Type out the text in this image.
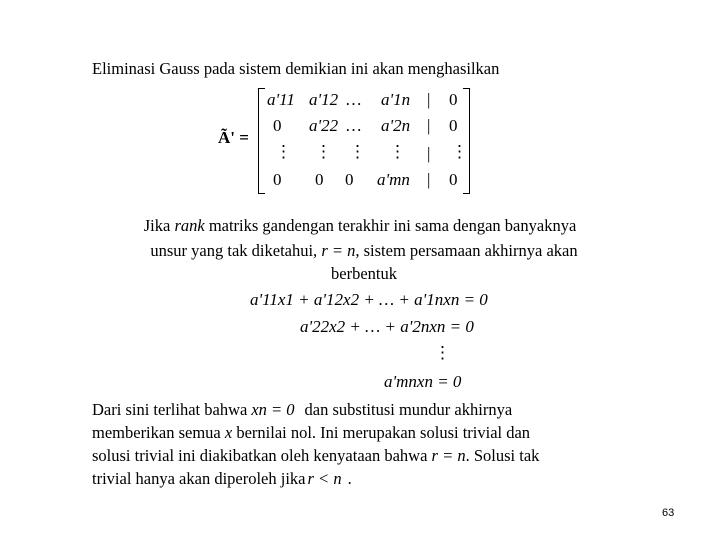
Eliminasi Gauss pada sistem demikian ini akan menghasilkan
Ã' =
a'11 a'12 … a'1n | 0
0 a'22 … a'2n | 0
⋮ ⋮ ⋮ ⋮ | ⋮
0 0 0 a'mn | 0
Jika rank matriks gandengan terakhir ini sama dengan banyaknya
unsur yang tak diketahui, r = n, sistem persamaan akhirnya akan
berbentuk
a'11x1 + a'12x2 + … + a'1nxn = 0
a'22x2 + … + a'2nxn = 0
⋮
a'mnxn = 0
Dari sini terlihat bahwa xn = 0 dan substitusi mundur akhirnya
memberikan semua x bernilai nol. Ini merupakan solusi trivial dan
solusi trivial ini diakibatkan oleh kenyataan bahwa r = n. Solusi tak
trivial hanya akan diperoleh jika r < n .
63
